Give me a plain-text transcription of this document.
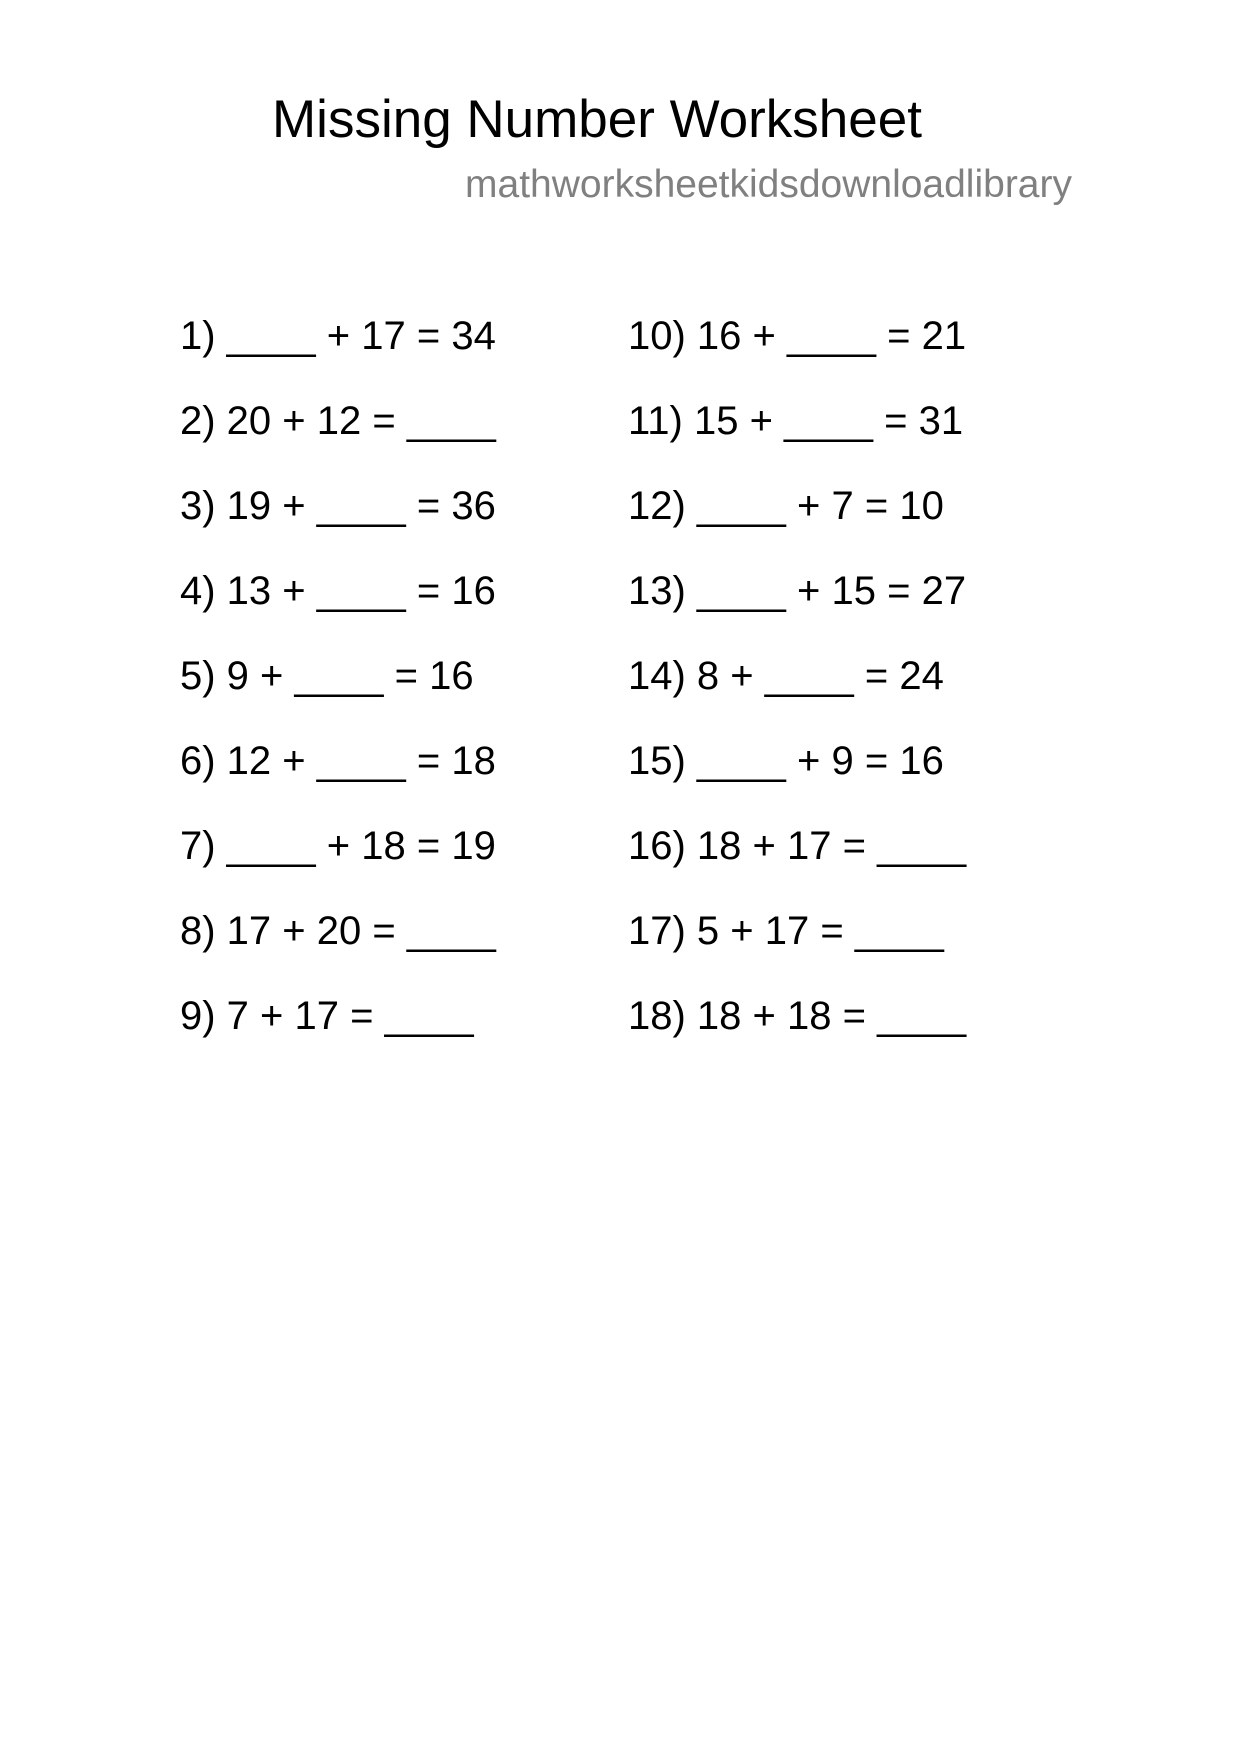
Missing Number Worksheet
mathworksheetkidsdownloadlibrary
1) ____ + 17 = 34
2) 20 + 12 = ____
3) 19 + ____ = 36
4) 13 + ____ = 16
5) 9 + ____ = 16
6) 12 + ____ = 18
7) ____ + 18 = 19
8) 17 + 20 = ____
9) 7 + 17 = ____
10) 16 + ____ = 21
11) 15 + ____ = 31
12) ____ + 7 = 10
13) ____ + 15 = 27
14) 8 + ____ = 24
15) ____ + 9 = 16
16) 18 + 17 = ____
17) 5 + 17 = ____
18) 18 + 18 = ____
